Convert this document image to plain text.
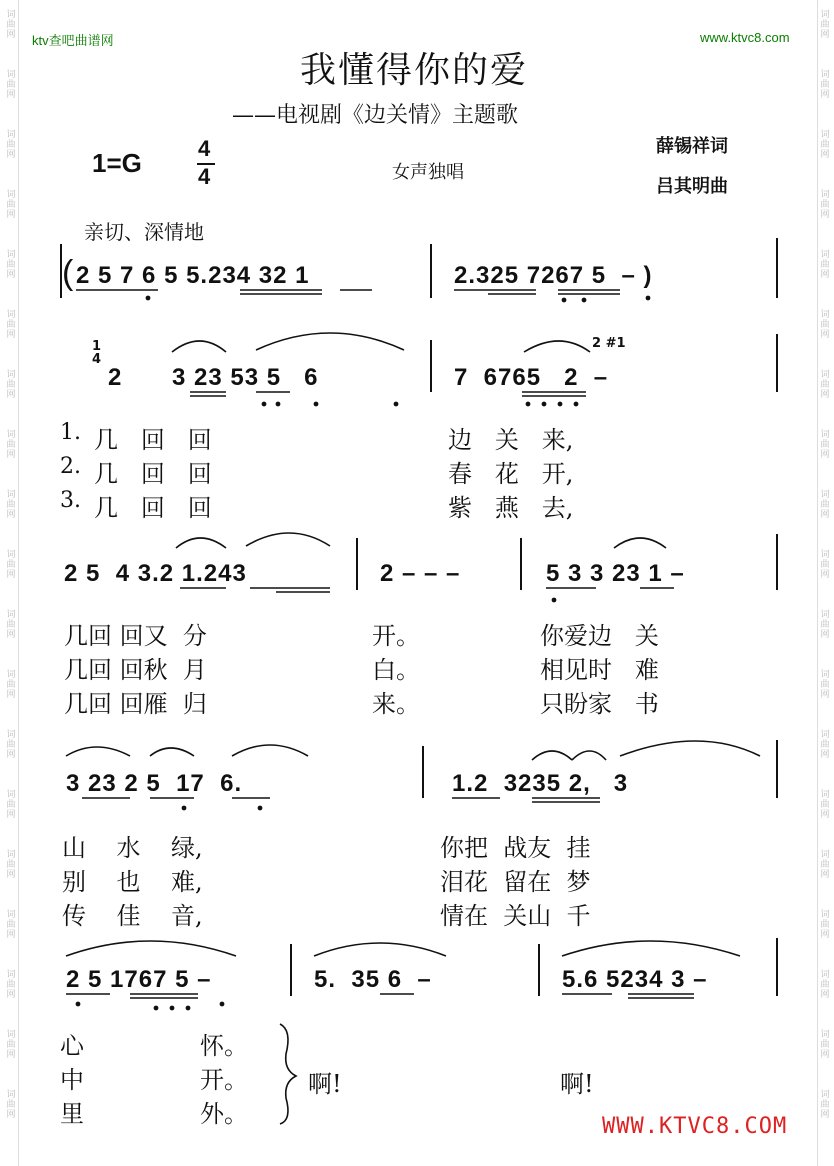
词
曲
网
词
曲
网
词
曲
网
词
曲
网
词
曲
网
词
曲
网
词
曲
网
词
曲
网
词
曲
网
词
曲
网
词
曲
网
词
曲
网
词
曲
网
词
曲
网
词
曲
网
词
曲
网
词
曲
网
词
曲
网
词
曲
网
词
曲
网
词
曲
网
词
曲
网
词
曲
网
词
曲
网
词
曲
网
词
曲
网
词
曲
网
词
曲
网
词
曲
网
词
曲
网
词
曲
网
词
曲
网
词
曲
网
词
曲
网
词
曲
网
词
曲
网
词
曲
网
词
曲
网
ktv查吧曲谱网	www.ktvc8.com
我懂得你的爱
——电视剧《边关情》主题歌
1=G	4
4	女声独唱
薛锡祥词
吕其明曲
亲切、深情地
( 2 5 7 6 5 5.234 32 1	2.325 7267 5  – )
1
4
2 3 23 53 5   6	7  6765   2  –
2 #1
1. 几   回   回	边   关   来,
2. 几   回   回	春   花   开,
3. 几   回   回	紫   燕   去,
2 5  4 3.2 1.243	2 – – –	5 3 3 23 1 –
几回 回又  分	开。	你爱边   关
几回 回秋  月	白。	相见时   难
几回 回雁  归	来。	只盼家   书
3 23 2 5  17  6.	1.2  3235 2,   3
山    水    绿,	你把  战友  挂
别    也    难,	泪花  留在  梦
传    佳    音,	情在  关山  千
2 5 1767 5 –	5.  35 6  –	5.6 5234 3 –
心	怀。
中	开。
里	外。
啊!	啊!
WWW.KTVC8.COM
